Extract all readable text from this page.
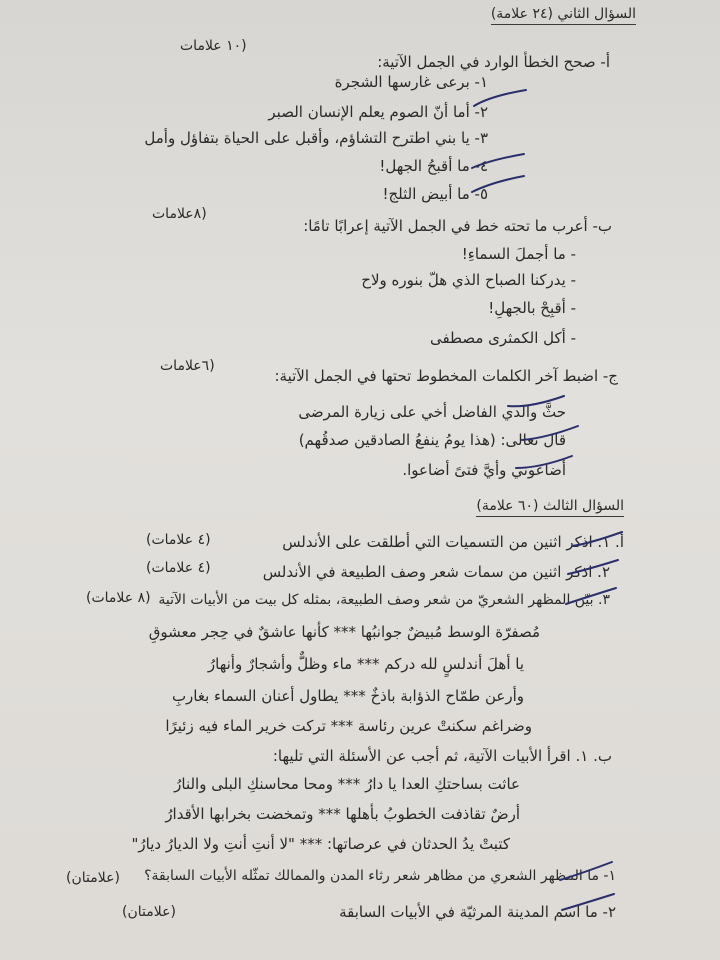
السؤال الثاني (٢٤ علامة)
أ- صحح الخطأ الوارد في الجمل الآتية:
(١٠ علامات
١- برعى غارسها الشجرة
٢- أما أنّ الصوم يعلم الإنسان الصبر
٣- يا بني اطترح التشاؤم، وأقبل على الحياة بتفاؤل وأمل
٤- ما أقبحُ الجهل!
٥- ما أبيض الثلج!
ب- أعرب ما تحته خط في الجمل الآتية إعرابًا تامًا:
(٨علامات
- ما أجملَ السماءِ!
- يدركنا الصباح الذي هلّ بنوره ولاح
- أقبِحْ بالجهلِ!
- أكل الكمثرى مصطفى
ج- اضبط آخر الكلمات المخطوط تحتها في الجمل الآتية:
(٦علامات
حثَّ والدي الفاضل أخي على زيارة المرضى
قال تعالى: (هذا يومُ ينفعُ الصادقين صدقُهم)
أضاعوني وأيَّ فتىً أضاعوا.
السؤال الثالث (٦٠ علامة)
أ. ١. اذكر اثنين من التسميات التي أطلقت على الأندلس
(٤ علامات)
٢. اذكر اثنين من سمات شعر وصف الطبيعة في الأندلس
(٤ علامات)
٣. بيّن المظهر الشعريّ من شعر وصف الطبيعة، بمثله كل بيت من الأبيات الآتية
(٨ علامات)
مُصفرّة الوسط مُبيضٌ جوانبُها *** كأنها عاشقٌ في حِجر معشوقِ
يا أهلَ أندلسٍ لله دركم *** ماء وظلٌّ وأشجارٌ وأنهارُ
وأرعن طمّاح الذؤابة باذخٌ *** يطاول أعنان السماء بغاربِ
وضراغم سكنتْ عرين رئاسة *** تركت خرير الماء فيه زئيرًا
ب. ١. اقرأ الأبيات الآتية، ثم أجب عن الأسئلة التي تليها:
عاثت بساحتكِ العدا يا دارُ *** ومحا محاسنكِ البلى والنارُ
أرضٌ تقاذفت الخطوبُ بأهلها *** وتمخضت بخرابها الأقدارُ
كتبتْ يدُ الحدثان في عرصاتها: *** "لا أنتِ أنتِ ولا الديارُ ديارُ"
١- ما المظهر الشعري من مظاهر شعر رثاء المدن والممالك تمثّله الأبيات السابقة؟
(علامتان)
٢- ما اسم المدينة المرثيّة في الأبيات السابقة
(علامتان)
